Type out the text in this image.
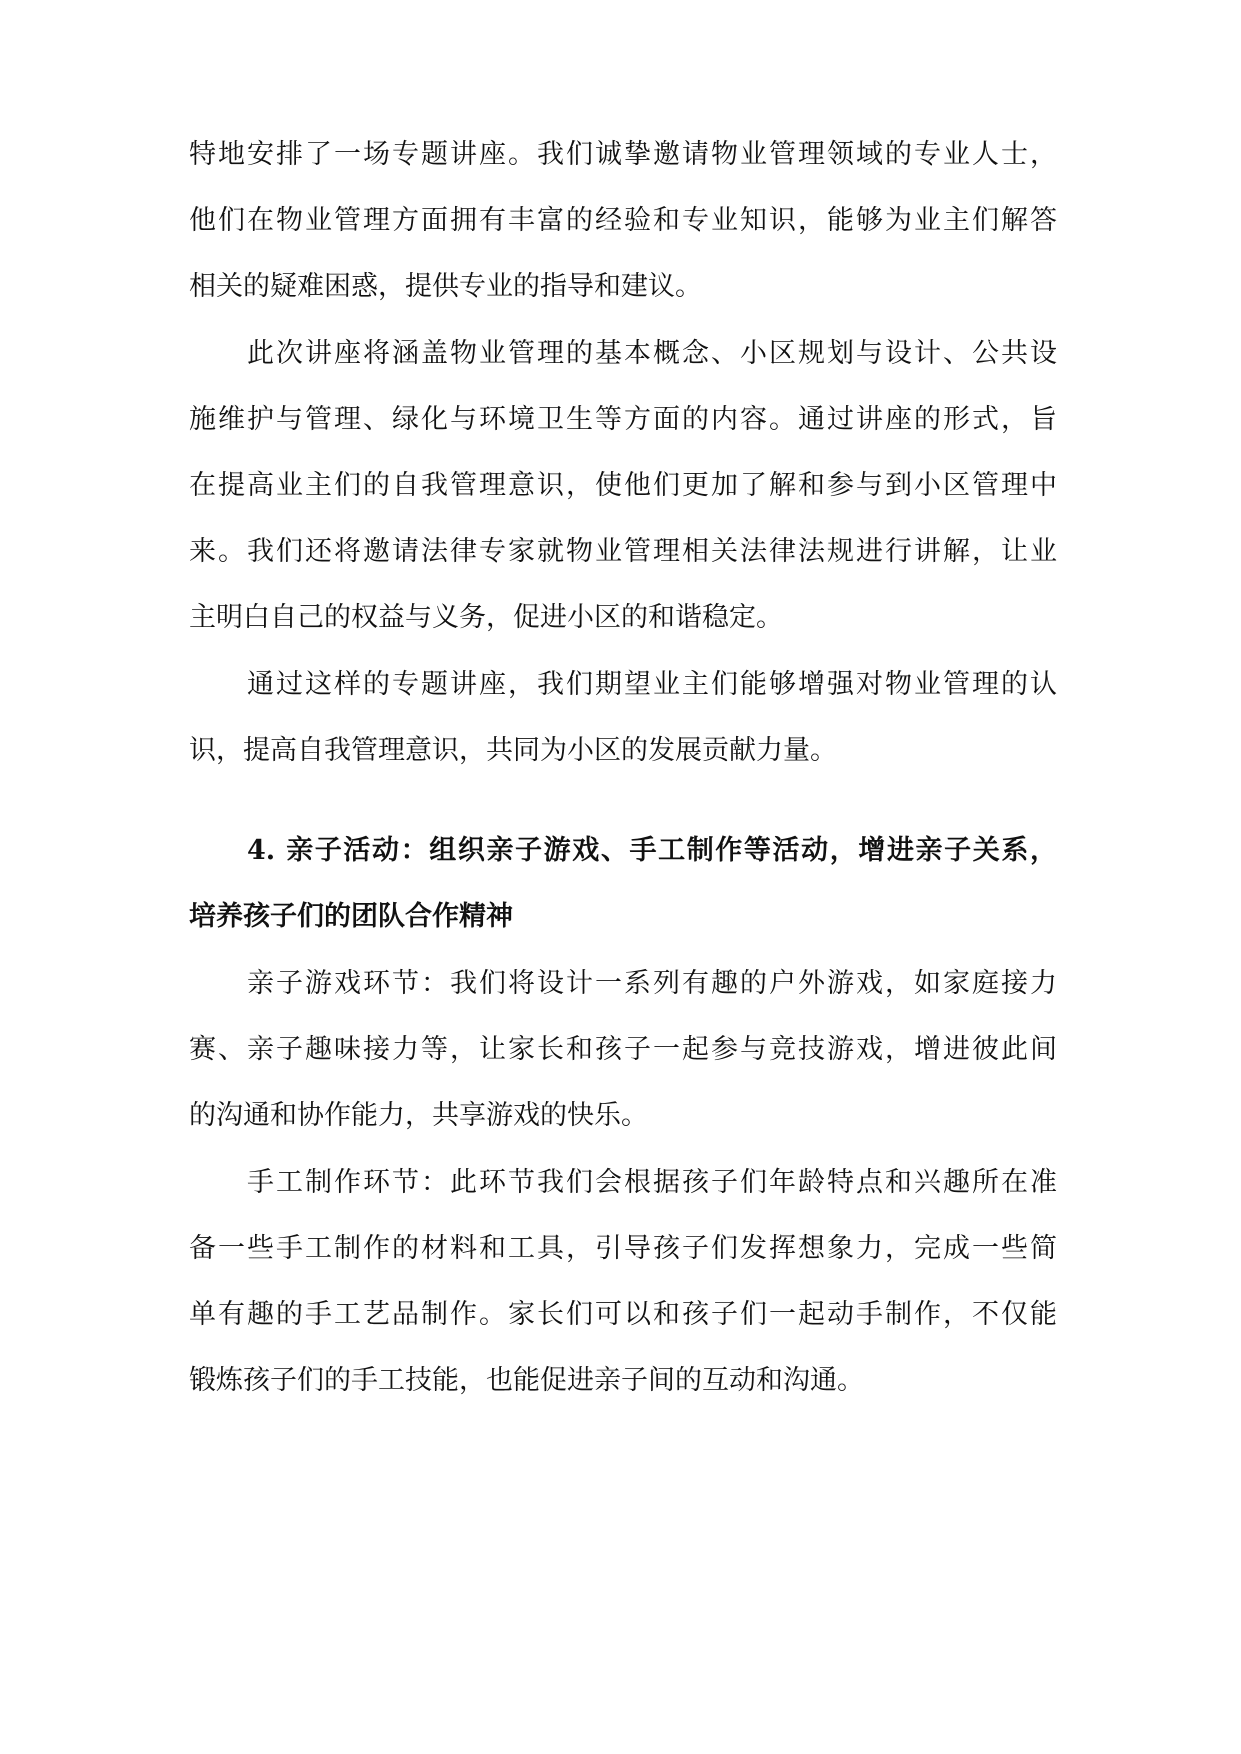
特地安排了一场专题讲座。我们诚挚邀请物业管理领域的专业人士，
他们在物业管理方面拥有丰富的经验和专业知识，能够为业主们解答
相关的疑难困惑，提供专业的指导和建议。
此次讲座将涵盖物业管理的基本概念、小区规划与设计、公共设
施维护与管理、绿化与环境卫生等方面的内容。通过讲座的形式，旨
在提高业主们的自我管理意识，使他们更加了解和参与到小区管理中
来。我们还将邀请法律专家就物业管理相关法律法规进行讲解，让业
主明白自己的权益与义务，促进小区的和谐稳定。
通过这样的专题讲座，我们期望业主们能够增强对物业管理的认
识，提高自我管理意识，共同为小区的发展贡献力量。
4. 亲子活动：组织亲子游戏、手工制作等活动，增进亲子关系，
培养孩子们的团队合作精神
亲子游戏环节：我们将设计一系列有趣的户外游戏，如家庭接力
赛、亲子趣味接力等，让家长和孩子一起参与竞技游戏，增进彼此间
的沟通和协作能力，共享游戏的快乐。
手工制作环节：此环节我们会根据孩子们年龄特点和兴趣所在准
备一些手工制作的材料和工具，引导孩子们发挥想象力，完成一些简
单有趣的手工艺品制作。家长们可以和孩子们一起动手制作，不仅能
锻炼孩子们的手工技能，也能促进亲子间的互动和沟通。
